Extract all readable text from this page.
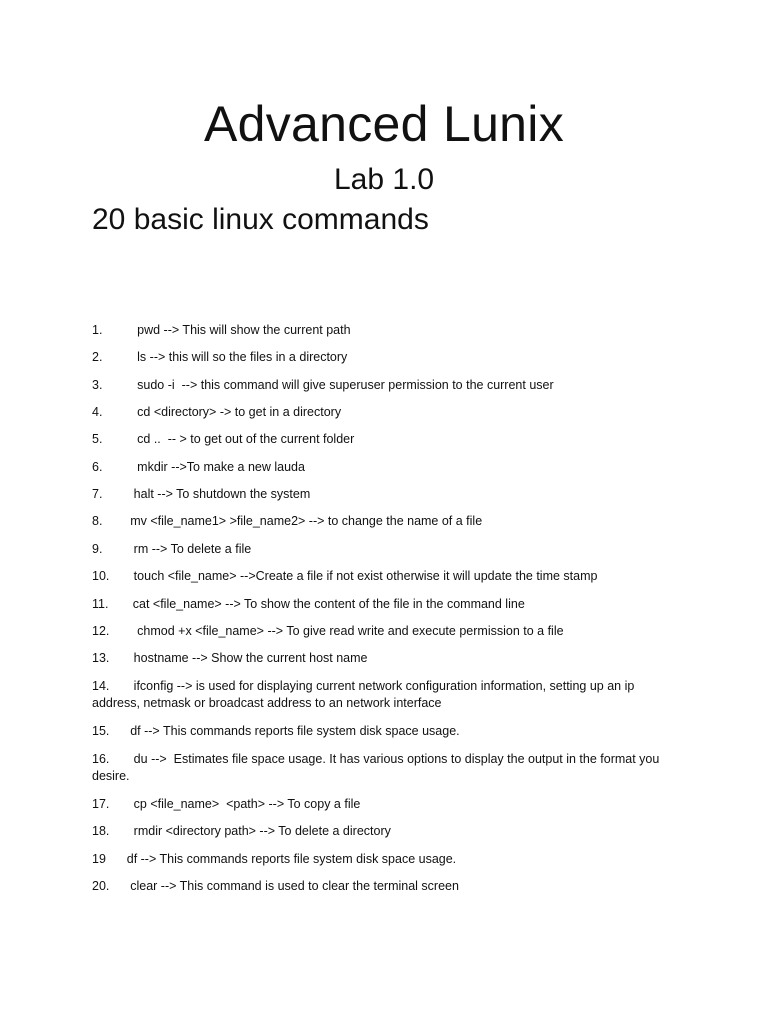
Advanced Lunix
Lab 1.0
20 basic linux commands

1.          pwd --> This will show the current path

2.          ls --> this will so the files in a directory

3.          sudo -i  --> this command will give superuser permission to the current user

4.          cd <directory> -> to get in a directory

5.          cd ..  -- > to get out of the current folder

6.          mkdir -->To make a new lauda

7.         halt --> To shutdown the system

8.        mv <file_name1> >file_name2> --> to change the name of a file

9.         rm --> To delete a file

10.       touch <file_name> -->Create a file if not exist otherwise it will update the time stamp

11.       cat <file_name> --> To show the content of the file in the command line

12.        chmod +x <file_name> --> To give read write and execute permission to a file

13.       hostname --> Show the current host name

14.       ifconfig --> is used for displaying current network configuration information, setting up an ip address, netmask or broadcast address to an network interface

15.      df --> This commands reports file system disk space usage.

16.       du -->  Estimates file space usage. It has various options to display the output in the format you desire.

17.       cp <file_name>  <path> --> To copy a file

18.       rmdir <directory path> --> To delete a directory

19      df --> This commands reports file system disk space usage.

20.      clear --> This command is used to clear the terminal screen
